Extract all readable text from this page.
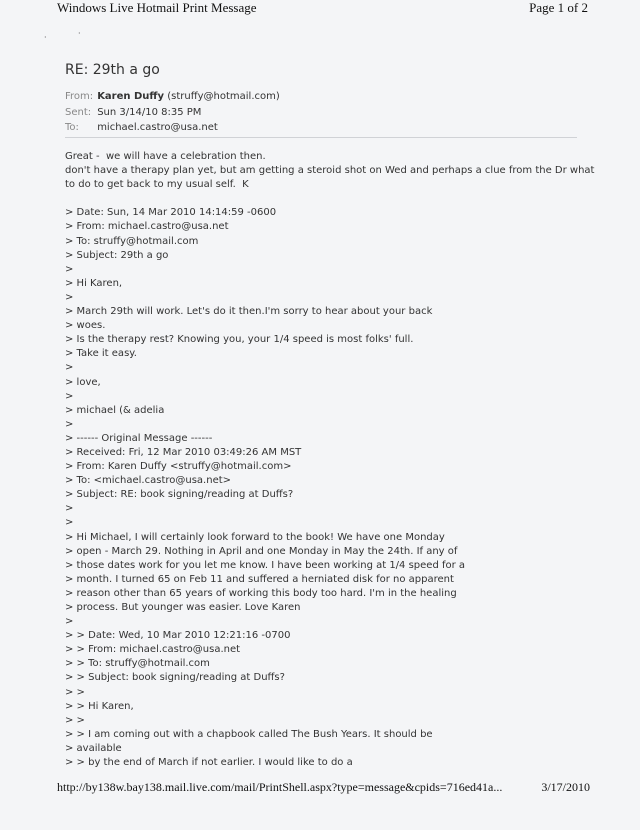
Windows Live Hotmail Print Message	Page 1 of 2
·	·
RE: 29th a go
From: Karen Duffy (struffy@hotmail.com)
Sent: Sun 3/14/10 8:35 PM
To: michael.castro@usa.net
Great -  we will have a celebration then.
don't have a therapy plan yet, but am getting a steroid shot on Wed and perhaps a clue from the Dr what
to do to get back to my usual self.  K
> Date: Sun, 14 Mar 2010 14:14:59 -0600
> From: michael.castro@usa.net
> To: struffy@hotmail.com
> Subject: 29th a go
>
> Hi Karen,
>
> March 29th will work. Let's do it then.I'm sorry to hear about your back
> woes.
> Is the therapy rest? Knowing you, your 1/4 speed is most folks' full.
> Take it easy.
>
> love,
>
> michael (& adelia
>
> ------ Original Message ------
> Received: Fri, 12 Mar 2010 03:49:26 AM MST
> From: Karen Duffy <struffy@hotmail.com>
> To: <michael.castro@usa.net>
> Subject: RE: book signing/reading at Duffs?
>
>
> Hi Michael, I will certainly look forward to the book! We have one Monday
> open - March 29. Nothing in April and one Monday in May the 24th. If any of
> those dates work for you let me know. I have been working at 1/4 speed for a
> month. I turned 65 on Feb 11 and suffered a herniated disk for no apparent
> reason other than 65 years of working this body too hard. I'm in the healing
> process. But younger was easier. Love Karen
>
> > Date: Wed, 10 Mar 2010 12:21:16 -0700
> > From: michael.castro@usa.net
> > To: struffy@hotmail.com
> > Subject: book signing/reading at Duffs?
> >
> > Hi Karen,
> >
> > I am coming out with a chapbook called The Bush Years. It should be
> available
> > by the end of March if not earlier. I would like to do a
http://by138w.bay138.mail.live.com/mail/PrintShell.aspx?type=message&cpids=716ed41a...	3/17/2010
